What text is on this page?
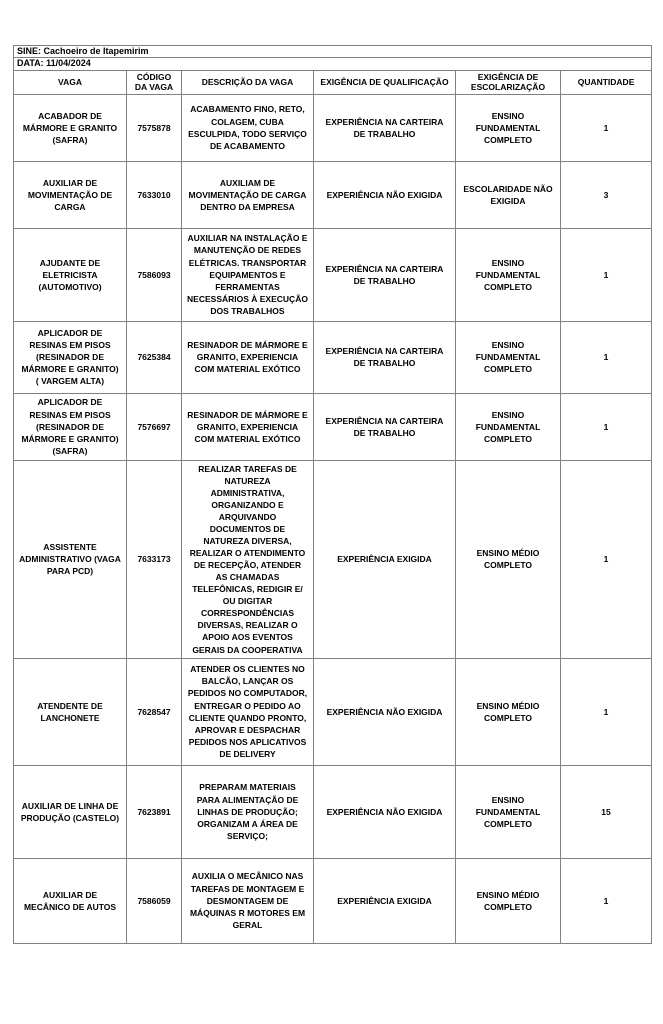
SINE: Cachoeiro de Itapemirim					
DATA: 11/04/2024					
VAGA	CÓDIGO DA VAGA	DESCRIÇÃO DA VAGA	EXIGÊNCIA DE QUALIFICAÇÃO	EXIGÊNCIA DE ESCOLARIZAÇÃO	QUANTIDADE
ACABADOR DE MÁRMORE E GRANITO (SAFRA)	7575878	ACABAMENTO FINO, RETO, COLAGEM, CUBA ESCULPIDA, TODO SERVIÇO DE ACABAMENTO	EXPERIÊNCIA NA CARTEIRA DE TRABALHO	ENSINO FUNDAMENTAL COMPLETO	1
AUXILIAR DE MOVIMENTAÇÃO DE CARGA	7633010	AUXILIAM DE MOVIMENTAÇÃO DE CARGA DENTRO DA EMPRESA	EXPERIÊNCIA NÃO EXIGIDA	ESCOLARIDADE NÃO EXIGIDA	3
AJUDANTE DE ELETRICISTA (AUTOMOTIVO)	7586093	AUXILIAR NA INSTALAÇÃO E MANUTENÇÃO DE REDES ELÉTRICAS. TRANSPORTAR EQUIPAMENTOS E FERRAMENTAS NECESSÁRIOS À EXECUÇÃO DOS TRABALHOS	EXPERIÊNCIA NA CARTEIRA DE TRABALHO	ENSINO FUNDAMENTAL COMPLETO	1
APLICADOR DE RESINAS EM PISOS (RESINADOR DE MÁRMORE E GRANITO) ( VARGEM ALTA)	7625384	RESINADOR DE MÁRMORE E GRANITO, EXPERIENCIA COM MATERIAL EXÓTICO	EXPERIÊNCIA NA CARTEIRA DE TRABALHO	ENSINO FUNDAMENTAL COMPLETO	1
APLICADOR DE RESINAS EM PISOS (RESINADOR DE MÁRMORE E GRANITO) (SAFRA)	7576697	RESINADOR DE MÁRMORE E GRANITO, EXPERIENCIA COM MATERIAL EXÓTICO	EXPERIÊNCIA NA CARTEIRA DE TRABALHO	ENSINO FUNDAMENTAL COMPLETO	1
ASSISTENTE ADMINISTRATIVO (VAGA PARA PCD)	7633173	REALIZAR TAREFAS DE NATUREZA ADMINISTRATIVA, ORGANIZANDO E ARQUIVANDO DOCUMENTOS DE NATUREZA DIVERSA, REALIZAR O ATENDIMENTO DE RECEPÇÃO, ATENDER AS CHAMADAS TELEFÔNICAS, REDIGIR E/ OU DIGITAR CORRESPONDÊNCIAS DIVERSAS, REALIZAR O APOIO AOS EVENTOS GERAIS DA COOPERATIVA	EXPERIÊNCIA EXIGIDA	ENSINO MÉDIO COMPLETO	1
ATENDENTE DE LANCHONETE	7628547	ATENDER OS CLIENTES NO BALCÃO, LANÇAR OS PEDIDOS NO COMPUTADOR, ENTREGAR O PEDIDO AO CLIENTE QUANDO PRONTO, APROVAR E DESPACHAR PEDIDOS NOS APLICATIVOS DE DELIVERY	EXPERIÊNCIA NÃO EXIGIDA	ENSINO MÉDIO COMPLETO	1
AUXILIAR DE LINHA DE PRODUÇÃO (CASTELO)	7623891	PREPARAM MATERIAIS PARA ALIMENTAÇÃO DE LINHAS DE PRODUÇÃO; ORGANIZAM A ÁREA DE SERVIÇO;	EXPERIÊNCIA NÃO EXIGIDA	ENSINO FUNDAMENTAL COMPLETO	15
AUXILIAR DE MECÂNICO DE AUTOS	7586059	AUXILIA O MECÂNICO NAS TAREFAS DE MONTAGEM E DESMONTAGEM DE MÁQUINAS R MOTORES EM GERAL	EXPERIÊNCIA EXIGIDA	ENSINO MÉDIO COMPLETO	1
